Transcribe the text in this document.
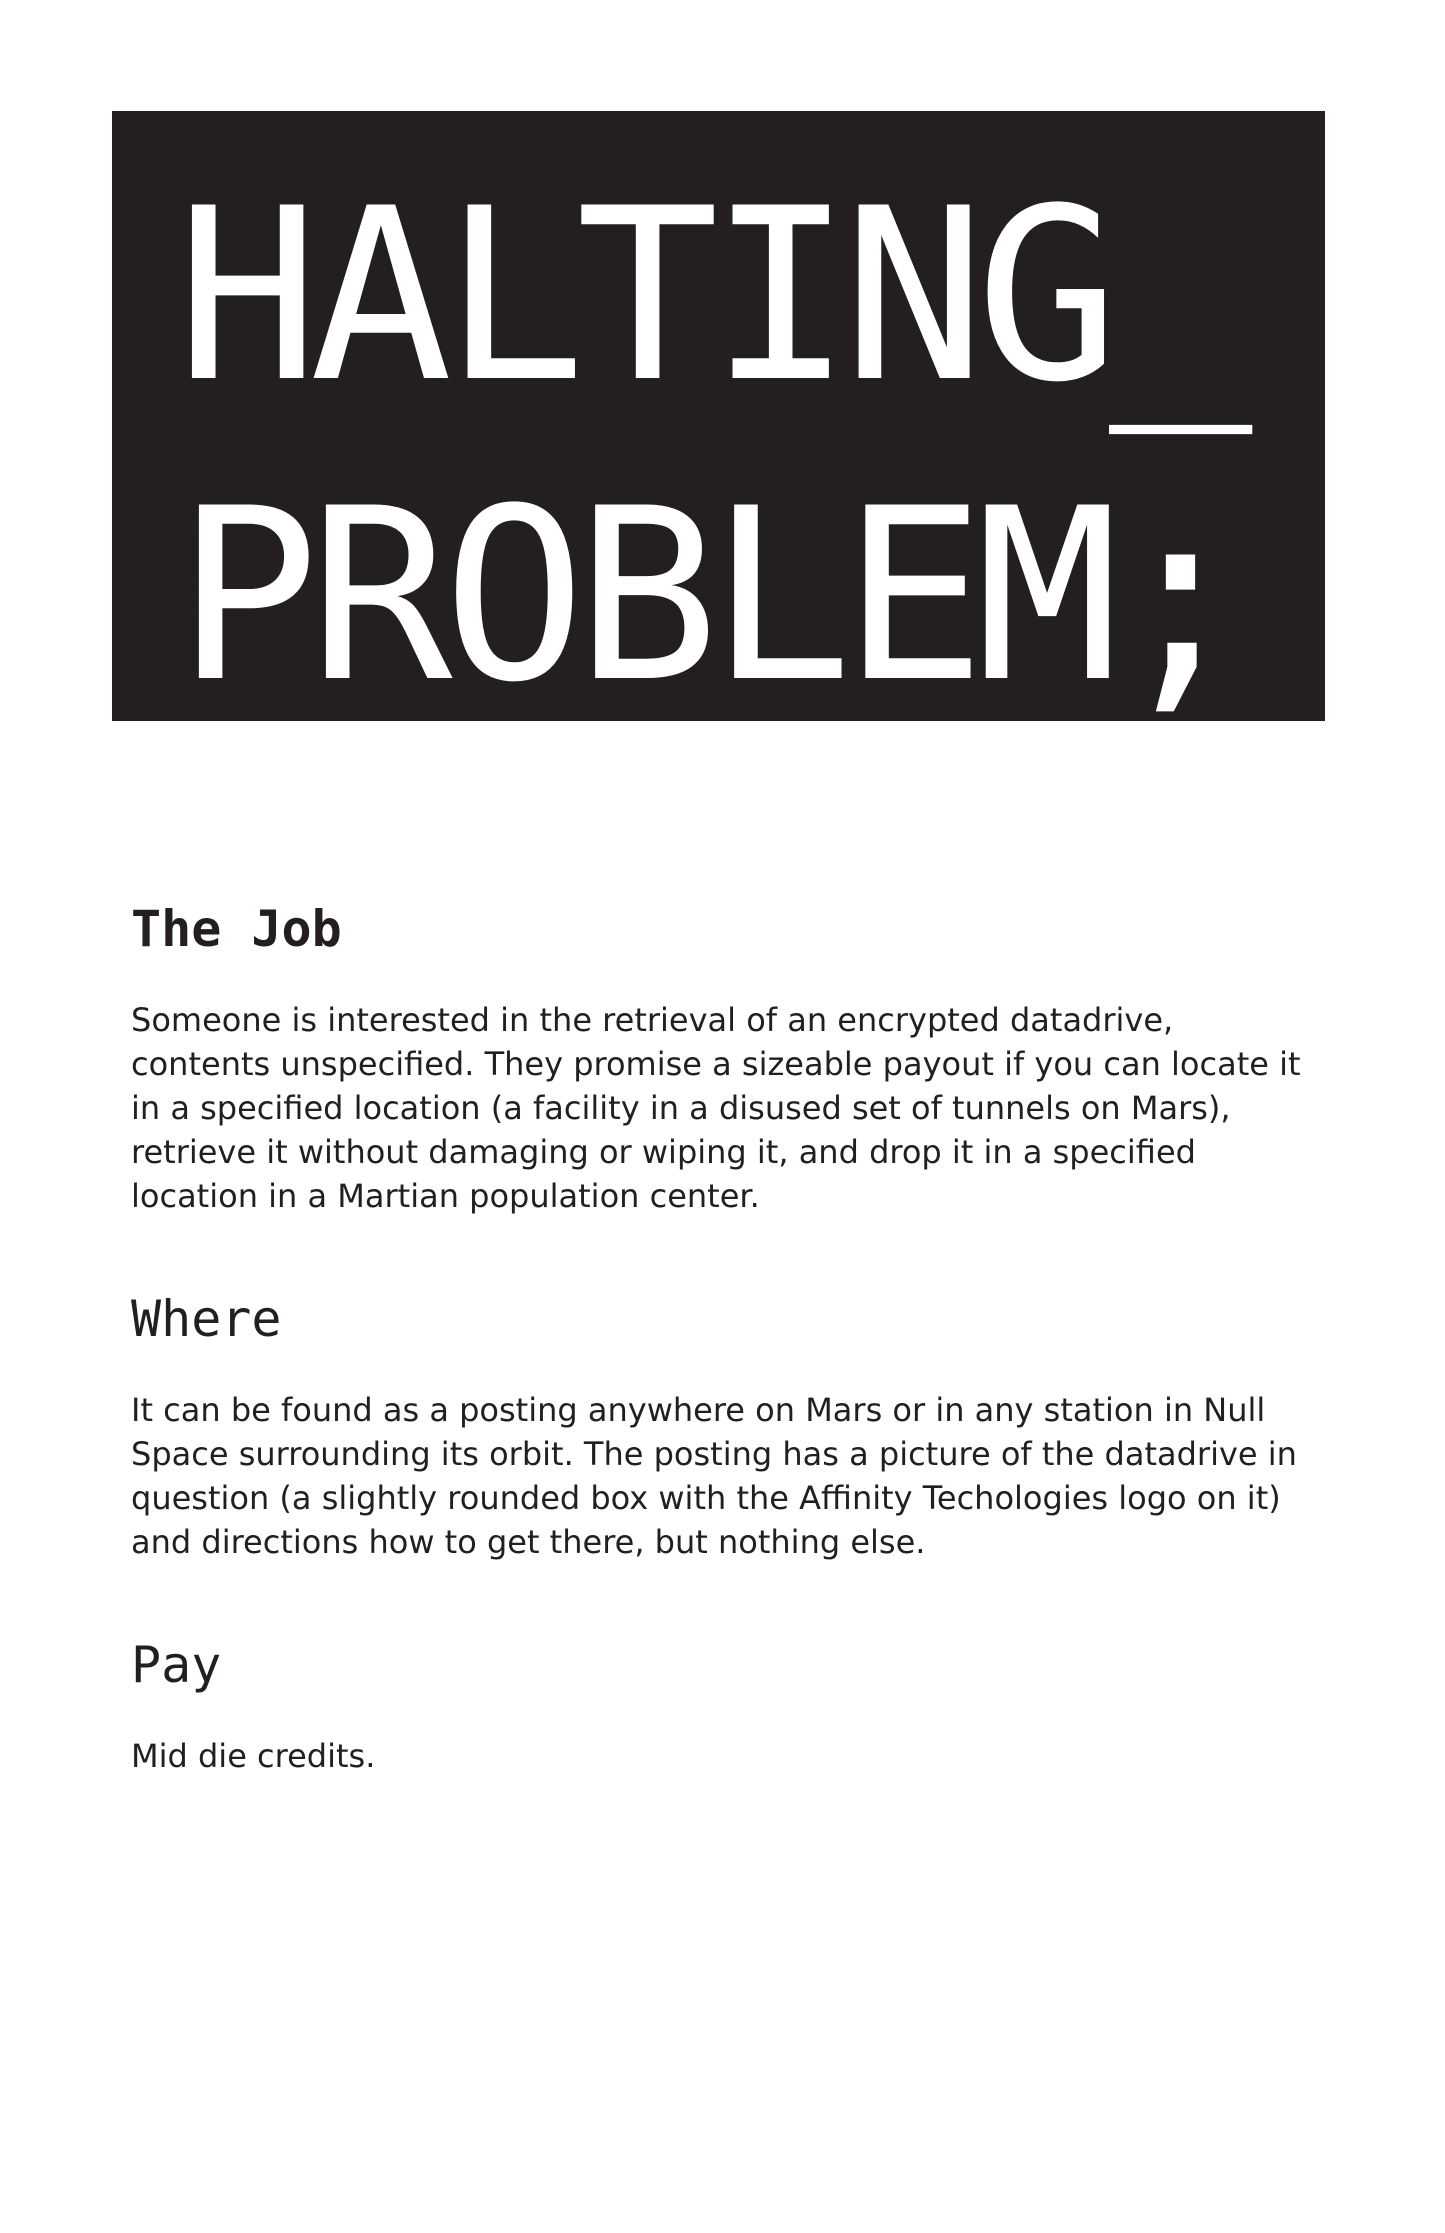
HALTING_
PROBLEM;
The Job

Someone is interested in the retrieval of an encrypted datadrive, contents unspecified. They promise a sizeable payout if you can locate it in a specified location (a facility in a disused set of tunnels on Mars), retrieve it without damaging or wiping it, and drop it in a specified location in a Martian population center.

Where

It can be found as a posting anywhere on Mars or in any station in Null Space surrounding its orbit. The posting has a picture of the datadrive in question (a slightly rounded box with the Affinity Techologies logo on it) and directions how to get there, but nothing else.

Pay

Mid die credits.
